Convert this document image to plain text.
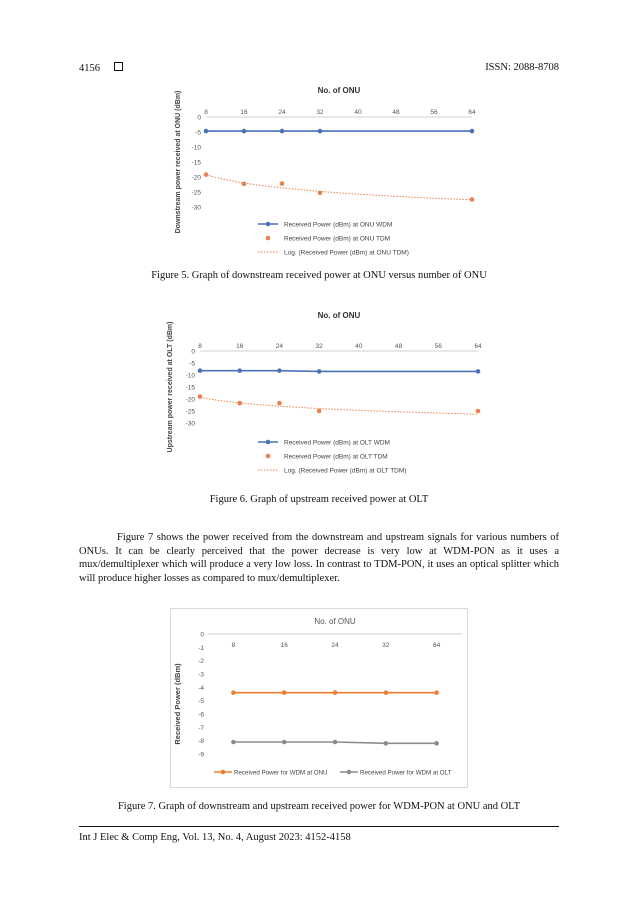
4156	ISSN: 2088-8708
No. of ONU
8	16	24	32	40	48	56	64
0
-5
-10
-15
-20
-25
-30
Downstream power received at ONU (dBm)	Received Power (dBm) at ONU WDM
Received Power (dBm) at ONU TDM
Log. (Received Power (dBm) at ONU TDM)
Figure 5. Graph of downstream received power at ONU versus number of ONU
No. of ONU
8	16	24	32	40	48	56	64
0
-5
-10
-15
-20
-25
-30
Upstream power received at OLT (dBm)	Received Power (dBm) at OLT WDM
Received Power (dBm) at OLT TDM
Log. (Received Power (dBm) at OLT TDM)
Figure 6. Graph of upstream received power at OLT

Figure 7 shows the power received from the downstream and upstream signals for various numbers of ONUs. It can be clearly perceived that the power decrease is very low at WDM-PON as it uses a mux/demultiplexer which will produce a very low loss. In contrast to TDM-PON, it uses an optical splitter which will produce higher losses as compared to mux/demultiplexer.

No. of ONU
8	16	24	32	64
0
-1
-2
-3
-4
-5
-6
-7
-8
-9
Received Power (dBm)
Received Power for WDM at ONU	Received Power for WDM at OLT
Figure 7. Graph of downstream and upstream received power for WDM-PON at ONU and OLT
Int J Elec & Comp Eng, Vol. 13, No. 4, August 2023: 4152-4158
